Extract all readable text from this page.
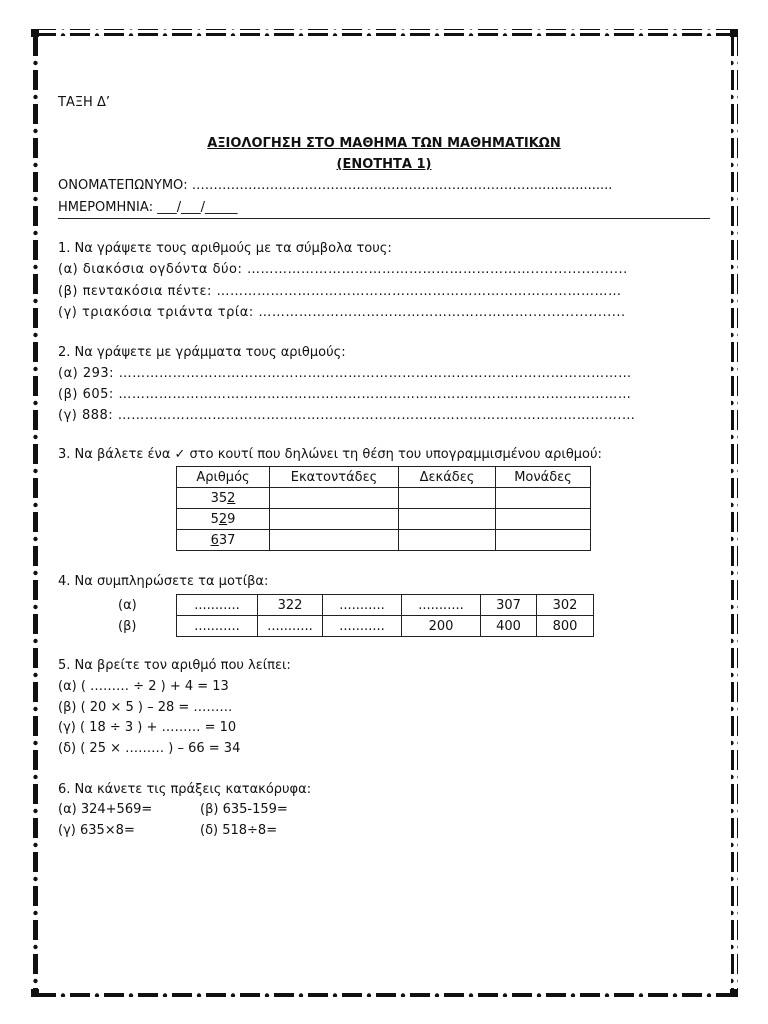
ΤΑΞΗ Δ’
ΑΞΙΟΛΟΓΗΣΗ ΣΤΟ ΜΑΘΗΜΑ ΤΩΝ ΜΑΘΗΜΑΤΙΚΩΝ
(ΕΝΟΤΗΤΑ 1)
ΟΝΟΜΑΤΕΠΩΝΥΜΟ: ……………………………………………………………………....................
ΗΜΕΡΟΜΗΝΙΑ: ___/___/_____
1. Να γράψετε τους αριθμούς με τα σύμβολα τους:
(α) διακόσια ογδόντα δύο: ……………………………………………………….....................
(β) πεντακόσια πέντε: ………………………………………………………………………………
(γ) τριακόσια τριάντα τρία: …………………………………………………….....................
2. Να γράψετε με γράμματα τους αριθμούς:
(α) 293: ……………………………………………………………………………………………………
(β) 605: ……………………………………………………………………………………………………
(γ) 888: ………………………………………………………………………………………………….…
3. Να βάλετε ένα ✓ στο κουτί που δηλώνει τη θέση του υπογραμμισμένου αριθμού:
Αριθμός	Εκατοντάδες	Δεκάδες	Μονάδες
352			
529			
637			
4. Να συμπληρώσετε τα μοτίβα:
(α)	...........	322	...........	...........	307	302
(β)	...........	...........	...........	200	400	800
5. Να βρείτε τον αριθμό που λείπει:
(α) ( ……… ÷ 2 ) + 4 = 13
(β) ( 20 × 5 ) – 28 = ………
(γ) ( 18 ÷ 3 ) + ……… = 10
(δ) ( 25 × ……… ) – 66 = 34
6. Να κάνετε τις πράξεις κατακόρυφα:
(α) 324+569=	(β) 635-159=
(γ) 635×8=	(δ) 518÷8=
